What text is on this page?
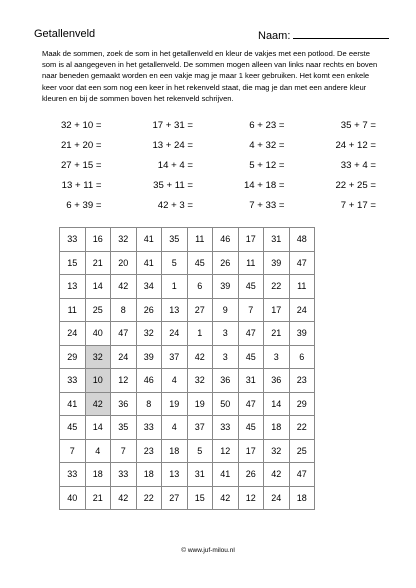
Getallenveld	Naam:
Maak de sommen, zoek de som in het getallenveld en kleur de vakjes met een potlood. De eerste som is al aangegeven in het getallenveld. De sommen mogen alleen van links naar rechts en boven naar beneden gemaakt worden en een vakje mag je maar 1 keer gebruiken. Het komt een enkele keer voor dat een som nog een keer in het rekenveld staat, die mag je dan met een andere kleur kleuren en bij de sommen boven het rekenveld schrijven.
32 + 10 =	17 + 31 =	6 + 23 =	35 + 7 =
21 + 20 =	13 + 24 =	4 + 32 =	24 + 12 =
27 + 15 =	14 + 4 =	5 + 12 =	33 + 4 =
13 + 11 =	35 + 11 =	14 + 18 =	22 + 25 =
6 + 39 =	42 + 3 =	7 + 33 =	7 + 17 =
33	16	32	41	35	11	46	17	31	48
15	21	20	41	5	45	26	11	39	47
13	14	42	34	1	6	39	45	22	11
11	25	8	26	13	27	9	7	17	24
24	40	47	32	24	1	3	47	21	39
29	32	24	39	37	42	3	45	3	6
33	10	12	46	4	32	36	31	36	23
41	42	36	8	19	19	50	47	14	29
45	14	35	33	4	37	33	45	18	22
7	4	7	23	18	5	12	17	32	25
33	18	33	18	13	31	41	26	42	47
40	21	42	22	27	15	42	12	24	18
© www.juf-milou.nl
